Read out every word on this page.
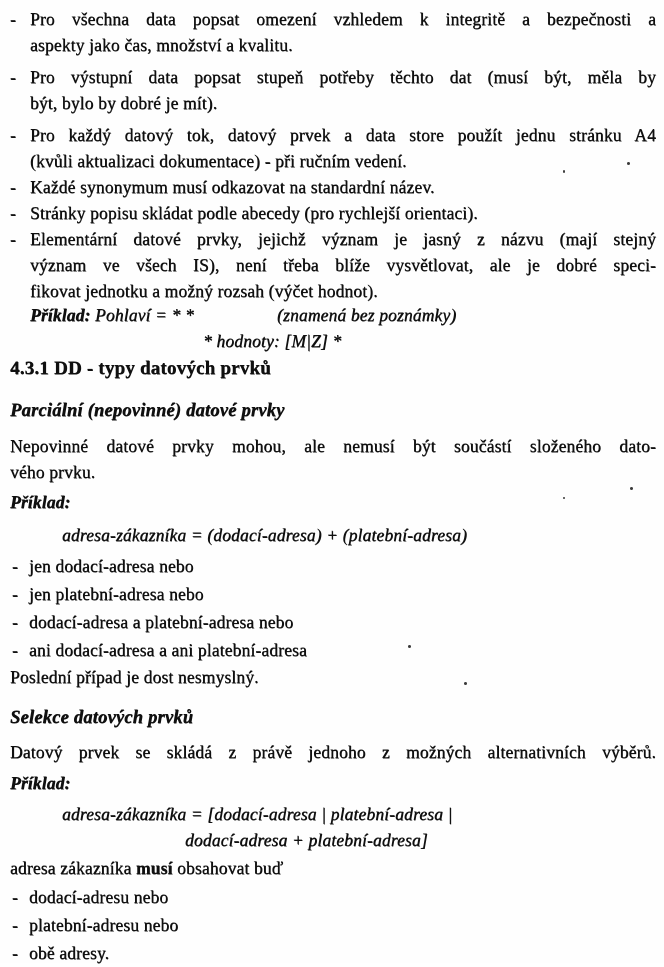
- Pro všechna data popsat omezení vzhledem k integritě a bezpečnosti a
aspekty jako čas, množství a kvalitu.
- Pro výstupní data popsat stupeň potřeby těchto dat (musí být, měla by
být, bylo by dobré je mít).
- Pro každý datový tok, datový prvek a data store použít jednu stránku A4
(kvůli aktualizaci dokumentace) - při ručním vedení.
- Každé synonymum musí odkazovat na standardní název.
- Stránky popisu skládat podle abecedy (pro rychlejší orientaci).
- Elementární datové prvky, jejichž význam je jasný z názvu (mají stejný
význam ve všech IS), není třeba blíže vysvětlovat, ale je dobré speci-
fikovat jednotku a možný rozsah (výčet hodnot).
Příklad: Pohlaví = * *	(znamená bez poznámky)
* hodnoty: [M|Z] *
4.3.1 DD - typy datových prvků
Parciální (nepovinné) datové prvky
Nepovinné datové prvky mohou, ale nemusí být součástí složeného dato-
vého prvku.
Příklad:
adresa-zákazníka = (dodací-adresa) + (platební-adresa)
- jen dodací-adresa nebo
- jen platební-adresa nebo
- dodací-adresa a platební-adresa nebo
- ani dodací-adresa a ani platební-adresa
Poslední případ je dost nesmyslný.
Selekce datových prvků
Datový prvek se skládá z právě jednoho z možných alternativních výběrů.
Příklad:
adresa-zákazníka = [dodací-adresa | platební-adresa |
dodací-adresa + platební-adresa]
adresa zákazníka musí obsahovat buď
- dodací-adresu nebo
- platební-adresu nebo
- obě adresy.
